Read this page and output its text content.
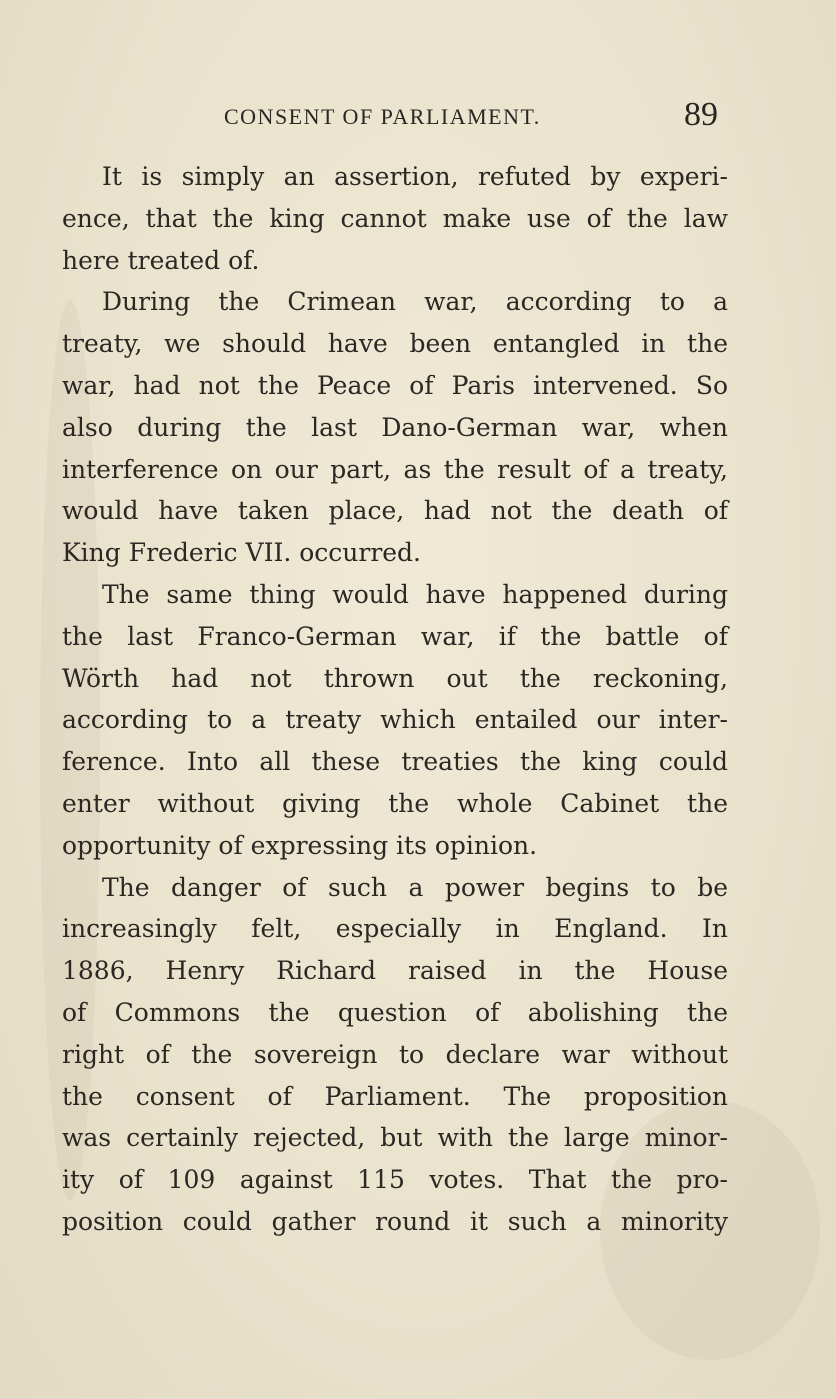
CONSENT OF PARLIAMENT.	89
It is simply an assertion, refuted by experi-
ence, that the king cannot make use of the law
here treated of.
During the Crimean war, according to a
treaty, we should have been entangled in the
war, had not the Peace of Paris intervened. So
also during the last Dano-German war, when
interference on our part, as the result of a treaty,
would have taken place, had not the death of
King Frederic VII. occurred.
The same thing would have happened during
the last Franco-German war, if the battle of
Wörth had not thrown out the reckoning,
according to a treaty which entailed our inter-
ference. Into all these treaties the king could
enter without giving the whole Cabinet the
opportunity of expressing its opinion.
The danger of such a power begins to be
increasingly felt, especially in England. In
1886, Henry Richard raised in the House
of Commons the question of abolishing the
right of the sovereign to declare war without
the consent of Parliament. The proposition
was certainly rejected, but with the large minor-
ity of 109 against 115 votes. That the pro-
position could gather round it such a minority
